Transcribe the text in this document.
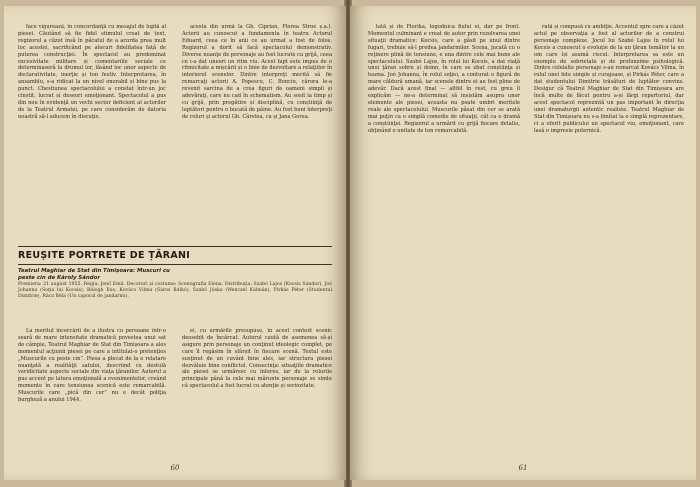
face vigurează, în concordanţă cu mesajul de luptă al piesei. Căutând să fie fidel stimulul creat de text, regizorul a căzut însă în păcatul de a acorda prea mult loc acestei, sacrificând pe alocuri fidelitatea față de puterea construcţiei. În spectacol au predominat excesivitate militare și comentariile sociale ce determinaseră la drumul lor, lăsând loc unor aspecte de declarativitate, inerţie și ton festiv. Interpretarea, în ansamblu, s-a ridicat la un nivel onorabil și bine pus la punct. Chestiunea spectacolului a constat într-un joc cinstit, lucrat și deseori emoţionant. Spectacolul a pus din nou în evidenţă un vechi sector deficient al actorilor de la Teatrul Armatei, pe care considerăm de datoria noastră să-l aducem în discuţie.

acesta din urmă la Gh. Ciprian, Florea Stroe ș.a.). Actorii au cunoscut a fundamenta în teatru Actorul Eduard, ceea ce în anii ce au urmat a fost de folos. Regizorul a dorit să facă spectacolul demonstrativ. Diverse nuanţe de personaje au fost lucrate cu grijă, ceea ce i-a dat uneori un ritm viu. Acest fapt este impus de o ritmicitate a mișcării și o linie de dezvoltare a relaţiilor în interiorul scenelor. Dintre interpreţi merită să fie remarcaţi actorii A. Popescu, C. Bonciu, cărora le-a revenit sarcina de a crea figuri de oameni simpli și adevăraţi, care nu cad în schematism. Au sosit la timp și cu grijă, prin pregătire și disciplină, cu conștiinţă de luptători pentru o bucată de pâine. Au fost buni interpreţi de roluri și actorul Gh. Cârstea, ca și Jana Gorea.

REUȘITE PORTRETE DE ȚĂRANI
Teatrul Maghiar de Stat din Timișoara: Muscuri cu peste cin de Károly Sándor
Premiera: 21 august 1955. Regia: Jenő Emil. Decoruri și costume: Scenografia Elena. Distribuţia: Szabó Lajos (Kocsis Sándor), Joó Johanna (Soţia lui Kocsis), Bálogh Ilus, Kovács Vilma (Sáros Ildikó), Szabó Jóska (Wenczel Kálmán), Pirkás Péter (Studentul Dimitrie), Rácz Béla (Un caporal de jandarmi).

La meritul încercării de a ilustra cu persoane într-o seară de mare intensitate dramatică povestea unui sat de câmpie, Teatrul Maghiar de Stat din Timișoara a ales momentul acţiunii piesei pe care a intitulat-o pretenţios „Muscurile cu peste cin”. Piesa a plecat de la o relatare nuanţată a realităţii satului, descriind cu destulă veridicitate aspecte sociale din viaţa ţăranilor. Autorul a pus accent pe latura emoţională a evenimentelor, creând momente în care tensiunea scenică este remarcabilă. Muscurile care „pică din cer” nu e decât poliţia burgheză a anului 1944.

ei, cu urmările presupuse, în acest context scenic deosebit de încărcat. Autorul caută de asemenea să-și asigure prin personaje un conţinut ideologic complet, pe care îl regăsim în sfârșit în fiecare scenă. Textul este susţinut de un cuvânt bine ales, iar structura piesei dezvăluie bine conflictul. Consecinţa: situaţiile dramatice ale piesei se urmăresc cu interes, iar de la rolurile principale până la cele mai mărunte personaje se simte că spectacolul a fost lucrat cu atenţie și seriozitate.

60

tată și de Florika, logodnica fiului ei, dar pe front. Momentul culminant e creat de autor prin rezolvarea unei situaţii dramatice: Kocsis, care a găsit pe unul dintre fugari, trebuie să-l predea jandarmilor. Scena, jucată cu o reţinere plină de tensiune, e una dintre cele mai bune ale spectacolului. Szabó Lajos, în rolul lui Kocsis, a dat viaţă unui ţăran sobru și demn, în care se zbat conștiinţa și teama. Joó Johanna, în rolul soţiei, a conturat o figură de mare căldură umană, iar scenele dintre ei au fost pline de adevăr. Dacă acest final — altfel în rest, cu greu îl explicăm — ne-a determinat să insistăm asupra unor elemente ale piesei, aceasta nu poate umbri meritele reale ale spectacolului. Muscurile păsat din cer se arată mai puţin ca o simplă comedie de situaţii, cât ca o dramă a conștiinţei. Regizorul a urmărit cu grijă fiecare detaliu, obţinând o unitate de ton remarcabilă.

rată și compusă cu ambiţie. Accentul spre care a căzut actul pe observaţia a fost al actorilor de a construi personaje complexe. Jocul lui Szabó Lajos în rolul lui Kocsis a cunoscut o evoluţie de la un ţăran temător la un om care își asumă riscul. Interpretarea sa este un exemplu de sobrietate și de profunzime psihologică. Dintre celelalte personaje s-au remarcat Kovács Vilma, în rolul unei fete simple și curajoase, și Pirkás Péter, care a dat studentului Dimitrie trăsături de luptător convins. Desigur că Teatrul Maghiar de Stat din Timișoara are încă multe de făcut pentru a-și lărgi repertoriul, dar acest spectacol reprezintă un pas important în direcţia unei dramaturgii autentic realiste. Teatrul Maghiar de Stat din Timișoara nu s-a limitat la o simplă reprezentare, ci a oferit publicului un spectacol viu, emoţionant, care lasă o impresie puternică.

61
